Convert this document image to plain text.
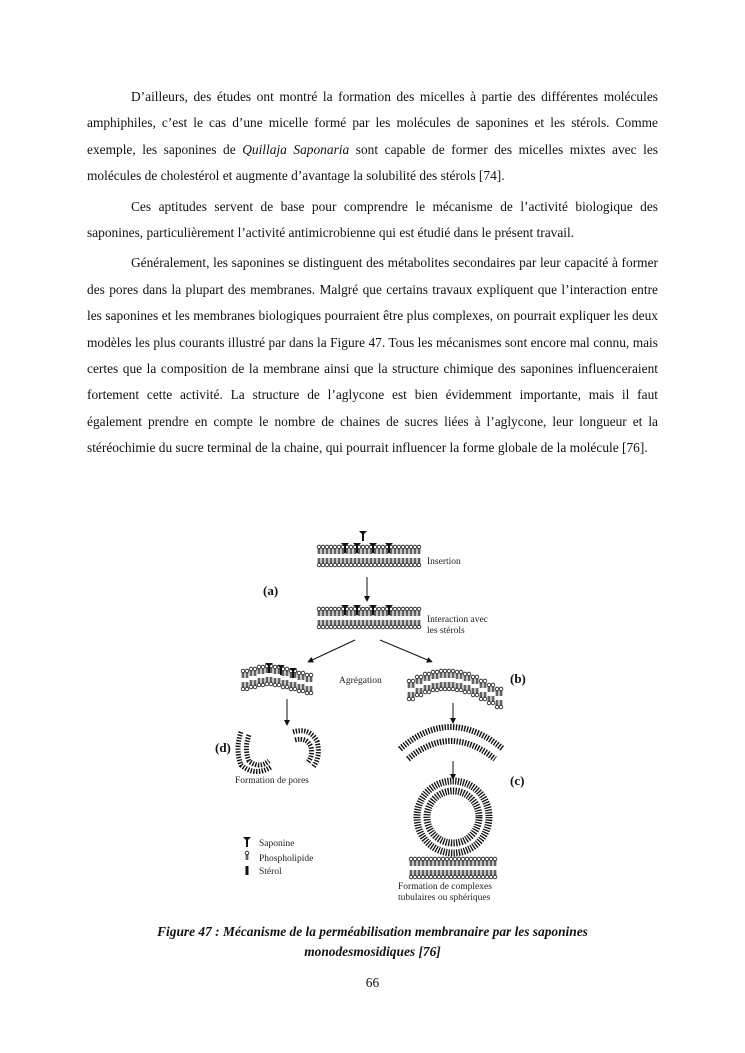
D’ailleurs, des études ont montré la formation des micelles à partie des différentes molécules amphiphiles, c’est le cas d’une micelle formé par les molécules de saponines et les stérols. Comme exemple, les saponines de Quillaja Saponaria sont capable de former des micelles mixtes avec les molécules de cholestérol et augmente d’avantage la solubilité des stérols [74].

Ces aptitudes servent de base pour comprendre le mécanisme de l’activité biologique des saponines, particulièrement l’activité antimicrobienne qui est étudié dans le présent travail.

Généralement, les saponines se distinguent des métabolites secondaires par leur capacité à former des pores dans la plupart des membranes. Malgré que certains travaux expliquent que l’interaction entre les saponines et les membranes biologiques pourraient être plus complexes, on pourrait expliquer les deux modèles les plus courants illustré par dans la Figure 47. Tous les mécanismes sont encore mal connu, mais certes que la composition de la membrane ainsi que la structure chimique des saponines influenceraient fortement cette activité. La structure de l’aglycone est bien évidemment importante, mais il faut également prendre en compte le nombre de chaines de sucres liées à l’aglycone, leur longueur et la stéréochimie du sucre terminal de la chaine, qui pourrait influencer la forme globale de la molécule [76].

Insertion
(a)
Interaction avec
les stérols
Agrégation	(b)
(d)
Formation de pores	(c)
Formation de complexes
tubulaires ou sphériques
Saponine
Phospholipide
Stérol
Figure 47 : Mécanisme de la perméabilisation membranaire par les saponines
monodesmosidiques [76]
66
